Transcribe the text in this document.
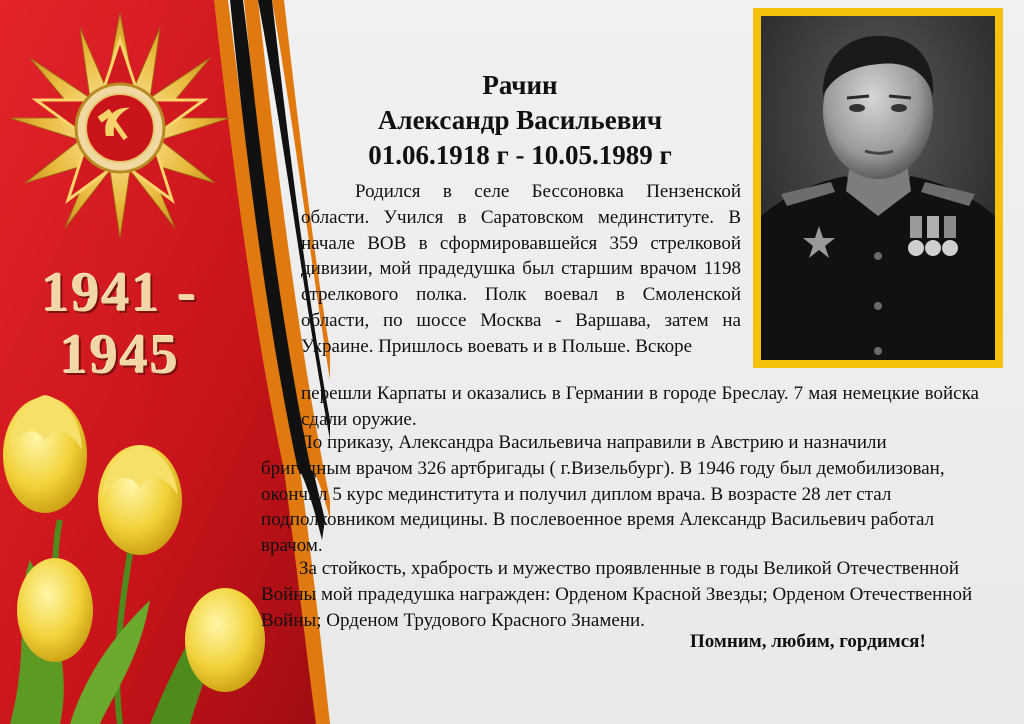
1941 -
1945
Рачин
Александр Васильевич
01.06.1918 г - 10.05.1989 г

Родился в селе Бессоновка Пензенской области. Учился в Саратовском мединституте. В начале ВОВ в сформировавшейся 359 стрелковой дивизии, мой прадедушка был старшим врачом 1198 стрелкового полка. Полк воевал в Смоленской области, по шоссе Москва - Варшава, затем на Украине. Пришлось воевать и в Польше. Вскоре

перешли Карпаты и оказались в Германии в городе Бреслау. 7 мая немецкие войска сдали оружие.

По приказу, Александра Васильевича направили в Австрию и назначили бригадным врачом 326 артбригады ( г.Визельбург). В 1946 году был демобилизован, окончил 5 курс мединститута и получил диплом врача. В возрасте 28 лет стал подполковником медицины. В послевоенное время Александр Васильевич работал врачом.

За стойкость, храбрость и мужество проявленные в годы Великой Отечественной Войны мой прадедушка награжден: Орденом Красной Звезды; Орденом Отечественной Войны; Орденом Трудового Красного Знамени.

Помним, любим, гордимся!
